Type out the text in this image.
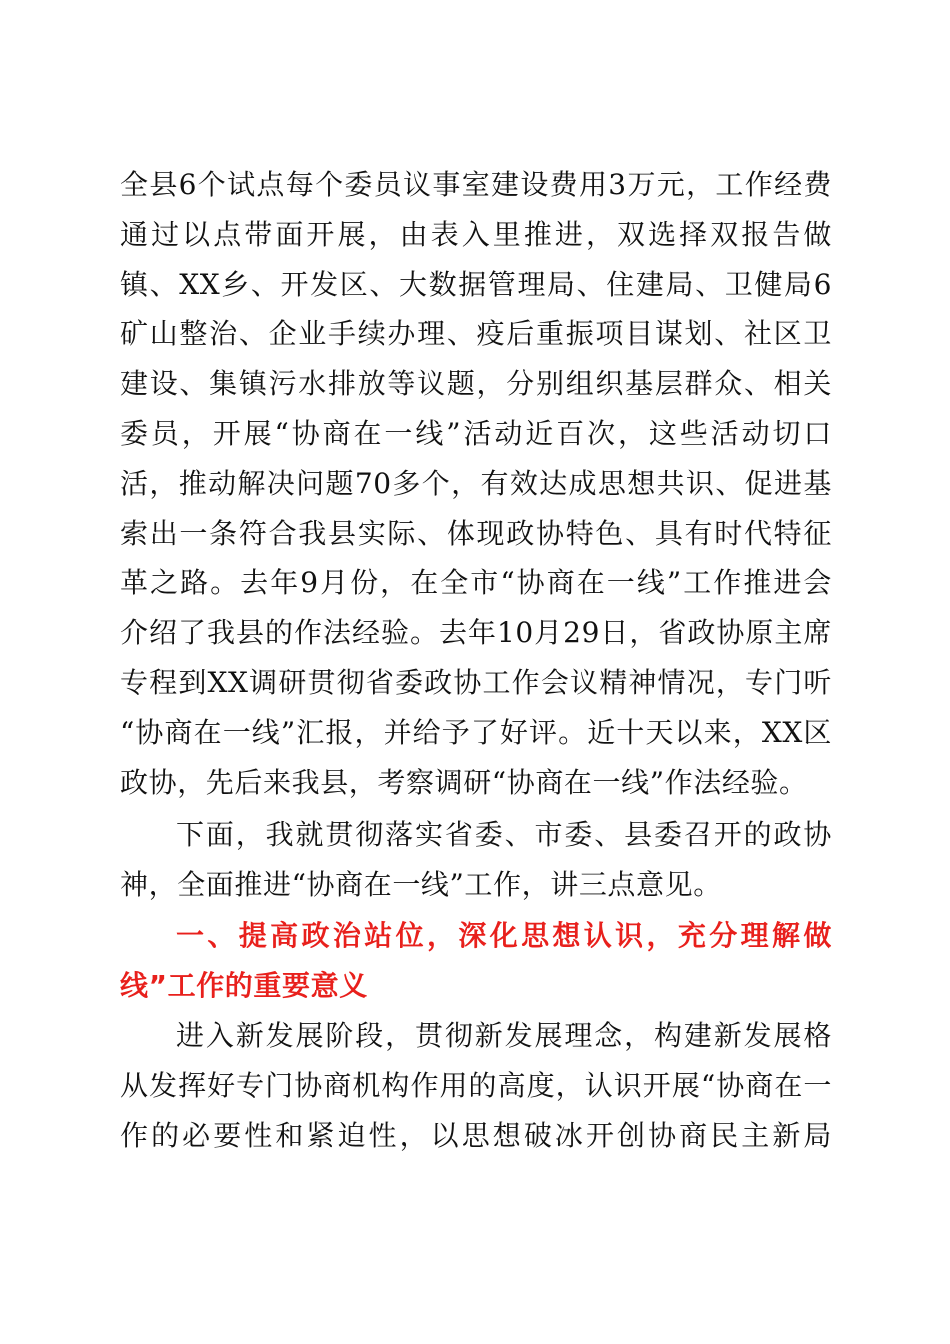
全县6个试点每个委员议事室建设费用3万元，工作经费
通过以点带面开展，由表入里推进，双选择双报告做
镇、XX乡、开发区、大数据管理局、住建局、卫健局6
矿山整治、企业手续办理、疫后重振项目谋划、社区卫
建设、集镇污水排放等议题，分别组织基层群众、相关
委员，开展“协商在一线”活动近百次，这些活动切口
活，推动解决问题70多个，有效达成思想共识、促进基
索出一条符合我县实际、体现政协特色、具有时代特征
革之路。去年9月份，在全市“协商在一线”工作推进会
介绍了我县的作法经验。去年10月29日，省政协原主席
专程到XX调研贯彻省委政协工作会议精神情况，专门听
“协商在一线”汇报，并给予了好评。近十天以来，XX区
政协，先后来我县，考察调研“协商在一线”作法经验。
下面，我就贯彻落实省委、市委、县委召开的政协
神，全面推进“协商在一线”工作，讲三点意见。
一、提高政治站位，深化思想认识，充分理解做
线”工作的重要意义
进入新发展阶段，贯彻新发展理念，构建新发展格
从发挥好专门协商机构作用的高度，认识开展“协商在一
作的必要性和紧迫性，以思想破冰开创协商民主新局
